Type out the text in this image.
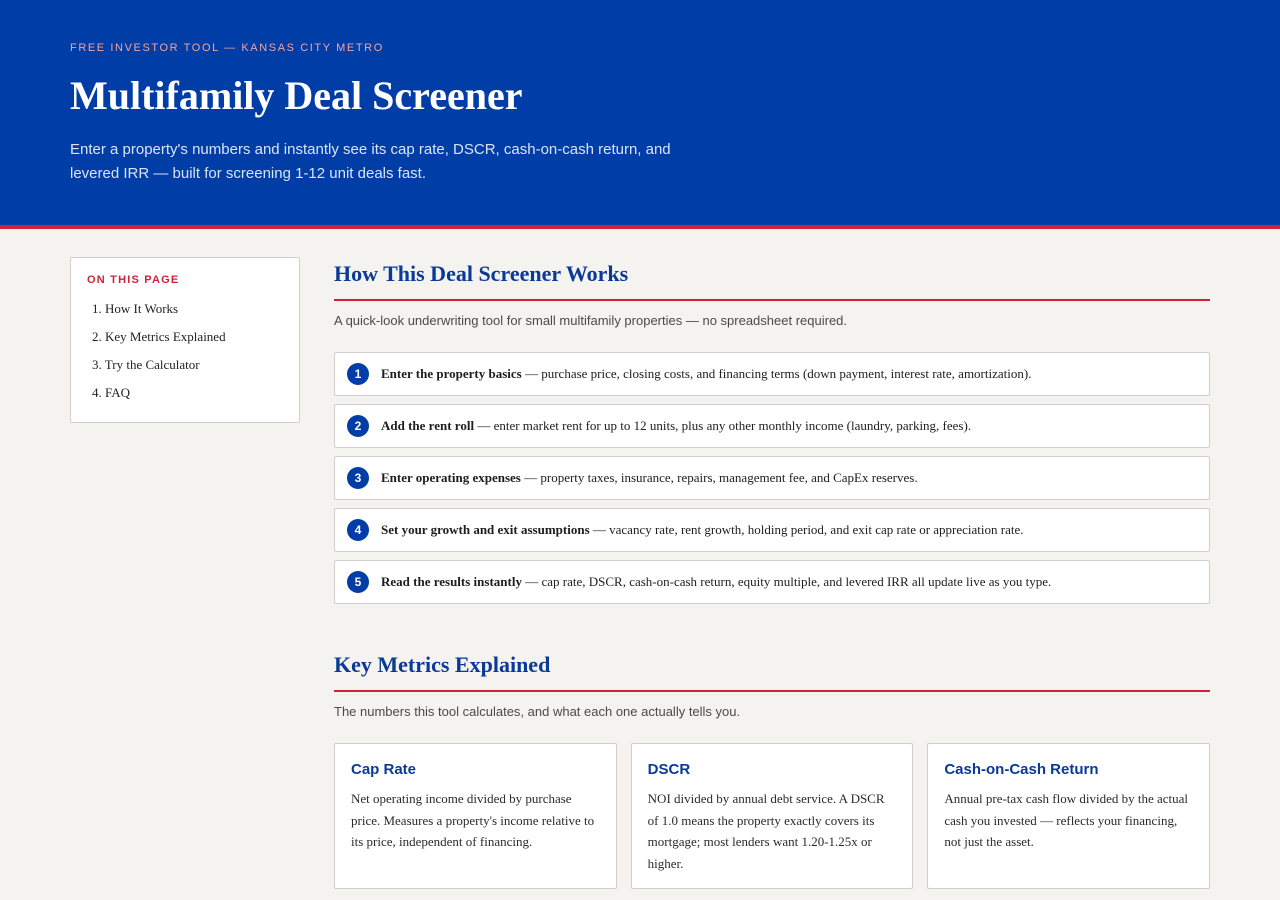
FREE INVESTOR TOOL — KANSAS CITY METRO
Multifamily Deal Screener

Enter a property's numbers and instantly see its cap rate, DSCR, cash-on-cash return, and levered IRR — built for screening 1-12 unit deals fast.

ON THIS PAGE
1. How It Works
2. Key Metrics Explained
3. Try the Calculator
4. FAQ
How This Deal Screener Works
A quick-look underwriting tool for small multifamily properties — no spreadsheet required.
1	Enter the property basics — purchase price, closing costs, and financing terms (down payment, interest rate, amortization).
2	Add the rent roll — enter market rent for up to 12 units, plus any other monthly income (laundry, parking, fees).
3	Enter operating expenses — property taxes, insurance, repairs, management fee, and CapEx reserves.
4	Set your growth and exit assumptions — vacancy rate, rent growth, holding period, and exit cap rate or appreciation rate.
5	Read the results instantly — cap rate, DSCR, cash-on-cash return, equity multiple, and levered IRR all update live as you type.
Key Metrics Explained
The numbers this tool calculates, and what each one actually tells you.
Cap Rate

Net operating income divided by purchase price. Measures a property's income relative to its price, independent of financing.

DSCR

NOI divided by annual debt service. A DSCR of 1.0 means the property exactly covers its mortgage; most lenders want 1.20-1.25x or higher.

Cash-on-Cash Return

Annual pre-tax cash flow divided by the actual cash you invested — reflects your financing, not just the asset.
